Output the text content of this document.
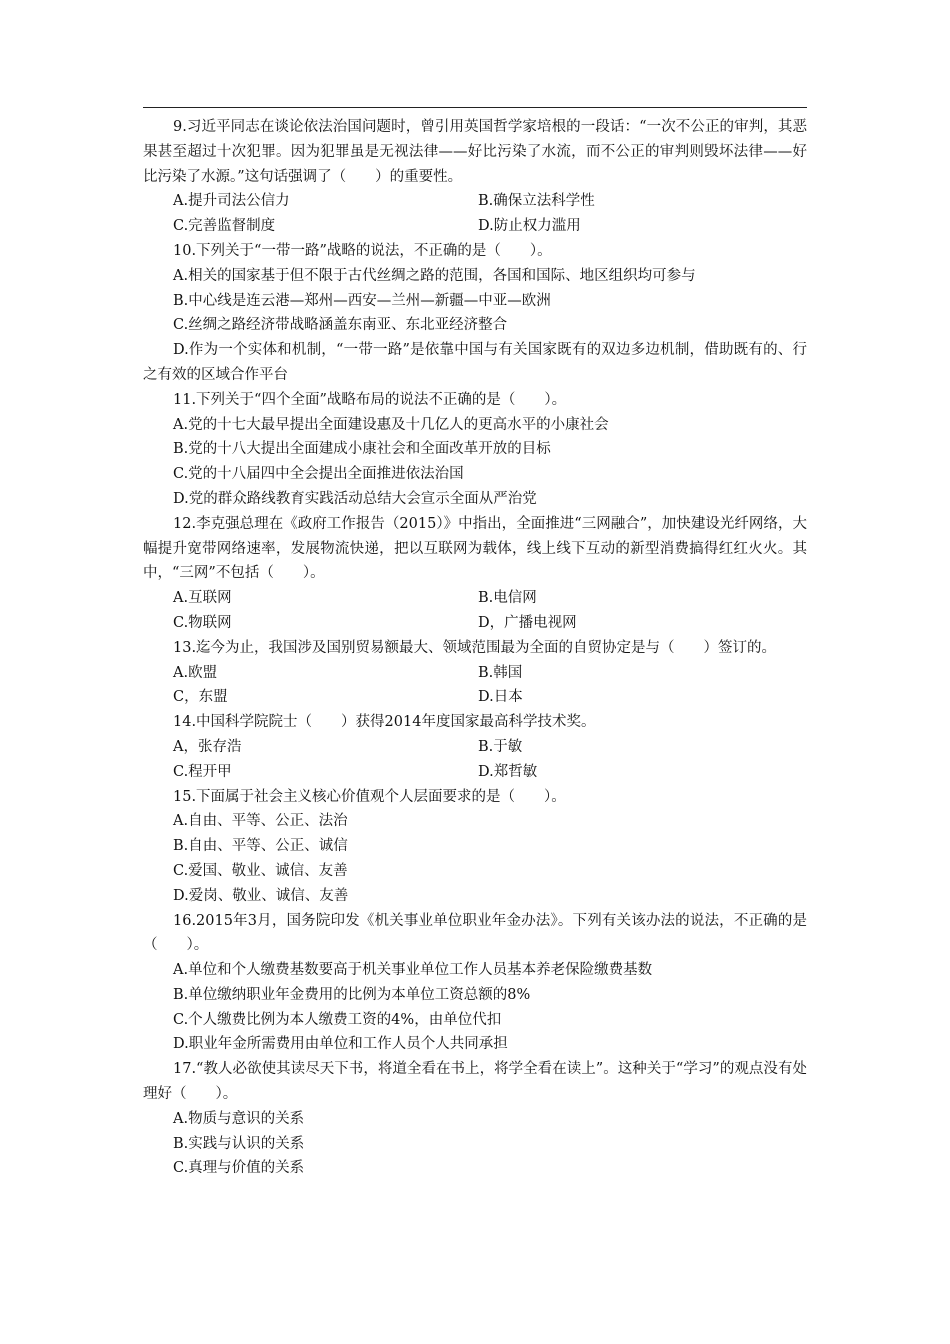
9.习近平同志在谈论依法治国问题时，曾引用英国哲学家培根的一段话：“一次不公正的审判，其恶果甚至超过十次犯罪。因为犯罪虽是无视法律——好比污染了水流，而不公正的审判则毁坏法律——好比污染了水源。”这句话强调了（　　）的重要性。

A.提升司法公信力	B.确保立法科学性
C.完善监督制度	D.防止权力滥用

10.下列关于“一带一路”战略的说法，不正确的是（　　）。

A.相关的国家基于但不限于古代丝绸之路的范围，各国和国际、地区组织均可参与
B.中心线是连云港—郑州—西安—兰州—新疆—中亚—欧洲
C.丝绸之路经济带战略涵盖东南亚、东北亚经济整合

D.作为一个实体和机制，“一带一路”是依靠中国与有关国家既有的双边多边机制，借助既有的、行之有效的区域合作平台

11.下列关于“四个全面”战略布局的说法不正确的是（　　）。

A.党的十七大最早提出全面建设惠及十几亿人的更高水平的小康社会
B.党的十八大提出全面建成小康社会和全面改革开放的目标
C.党的十八届四中全会提出全面推进依法治国
D.党的群众路线教育实践活动总结大会宣示全面从严治党

12.李克强总理在《政府工作报告（2015）》中指出，全面推进“三网融合”，加快建设光纤网络，大幅提升宽带网络速率，发展物流快递，把以互联网为载体，线上线下互动的新型消费搞得红红火火。其中，“三网”不包括（　　）。

A.互联网	B.电信网
C.物联网	D，广播电视网

13.迄今为止，我国涉及国别贸易额最大、领域范围最为全面的自贸协定是与（　　）签订的。

A.欧盟	B.韩国
C，东盟	D.日本

14.中国科学院院士（　　）获得2014年度国家最高科学技术奖。

A，张存浩	B.于敏
C.程开甲	D.郑哲敏

15.下面属于社会主义核心价值观个人层面要求的是（　　）。

A.自由、平等、公正、法治
B.自由、平等、公正、诚信
C.爱国、敬业、诚信、友善
D.爱岗、敬业、诚信、友善

16.2015年3月，国务院印发《机关事业单位职业年金办法》。下列有关该办法的说法，不正确的是（　　）。

A.单位和个人缴费基数要高于机关事业单位工作人员基本养老保险缴费基数
B.单位缴纳职业年金费用的比例为本单位工资总额的8%
C.个人缴费比例为本人缴费工资的4%，由单位代扣
D.职业年金所需费用由单位和工作人员个人共同承担

17.“教人必欲使其读尽天下书，将道全看在书上，将学全看在读上”。这种关于“学习”的观点没有处理好（　　）。

A.物质与意识的关系
B.实践与认识的关系
C.真理与价值的关系
